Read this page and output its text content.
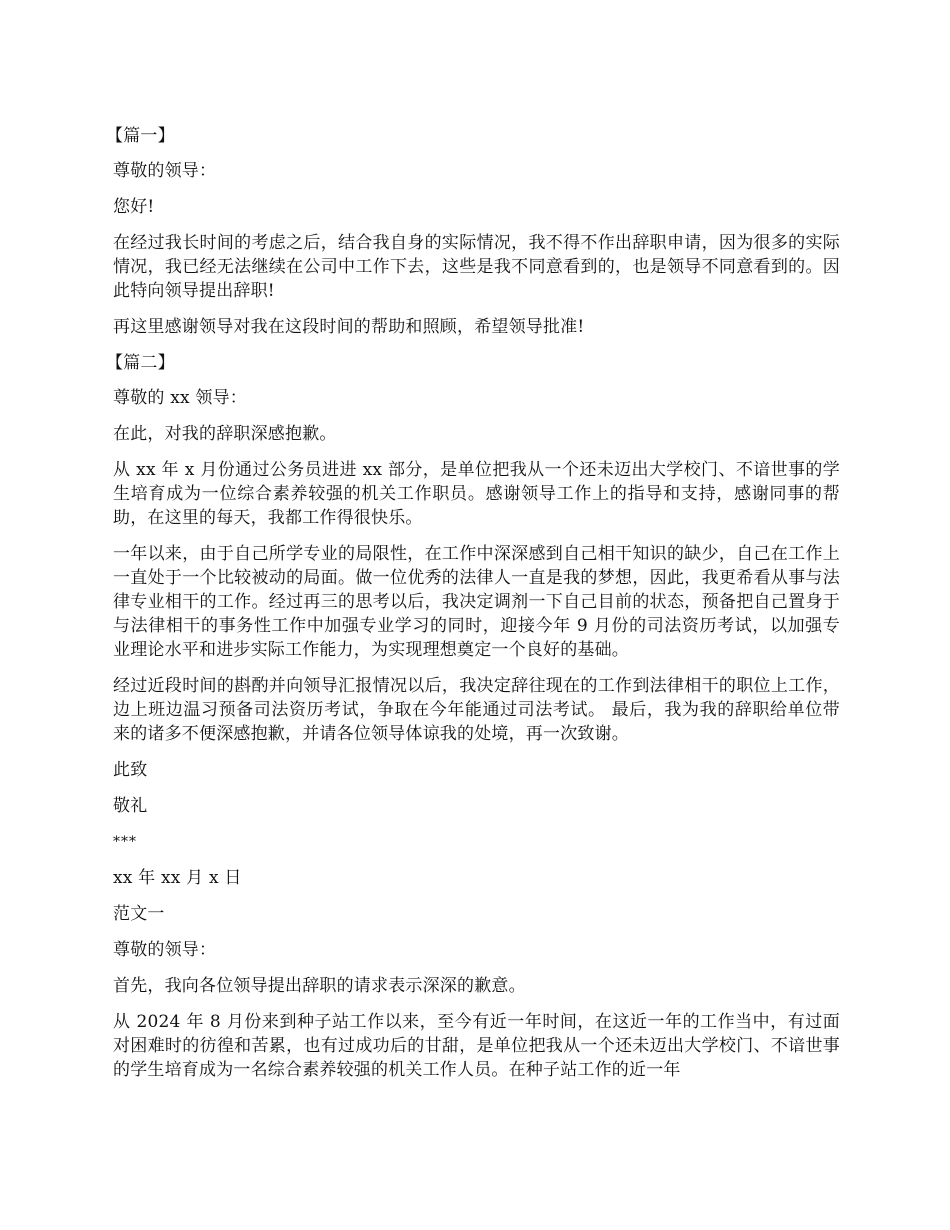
【篇一】

尊敬的领导：

您好!

在经过我长时间的考虑之后，结合我自身的实际情况，我不得不作出辞职申请，因为很多的实际情况，我已经无法继续在公司中工作下去，这些是我不同意看到的，也是领导不同意看到的。因此特向领导提出辞职!

再这里感谢领导对我在这段时间的帮助和照顾，希望领导批准!

【篇二】

尊敬的 xx 领导：

在此，对我的辞职深感抱歉。

从 xx 年 x 月份通过公务员进进 xx 部分，是单位把我从一个还未迈出大学校门、不谙世事的学生培育成为一位综合素养较强的机关工作职员。感谢领导工作上的指导和支持，感谢同事的帮助，在这里的每天，我都工作得很快乐。

一年以来，由于自己所学专业的局限性，在工作中深深感到自己相干知识的缺少，自己在工作上一直处于一个比较被动的局面。做一位优秀的法律人一直是我的梦想，因此，我更希看从事与法律专业相干的工作。经过再三的思考以后，我决定调剂一下自己目前的状态，预备把自己置身于与法律相干的事务性工作中加强专业学习的同时，迎接今年 9 月份的司法资历考试，以加强专业理论水平和进步实际工作能力，为实现理想奠定一个良好的基础。

经过近段时间的斟酌并向领导汇报情况以后，我决定辞往现在的工作到法律相干的职位上工作，边上班边温习预备司法资历考试，争取在今年能通过司法考试。 最后，我为我的辞职给单位带来的诸多不便深感抱歉，并请各位领导体谅我的处境，再一次致谢。

此致

敬礼

***

xx 年 xx 月 x 日

范文一

尊敬的领导：

首先，我向各位领导提出辞职的请求表示深深的歉意。

从 2024 年 8 月份来到种子站工作以来，至今有近一年时间，在这近一年的工作当中，有过面对困难时的彷徨和苦累，也有过成功后的甘甜，是单位把我从一个还未迈出大学校门、不谙世事的学生培育成为一名综合素养较强的机关工作人员。在种子站工作的近一年
